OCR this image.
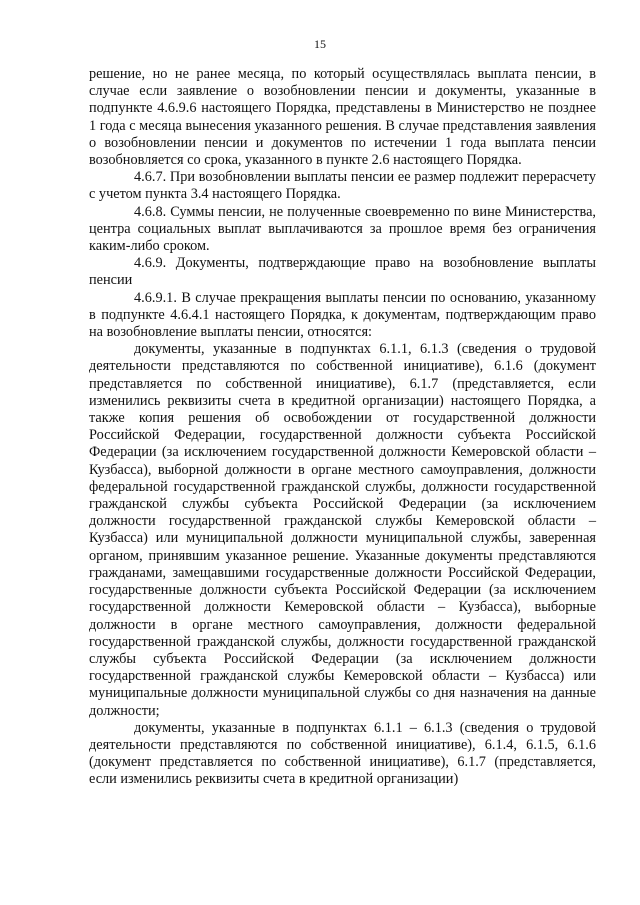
15

решение, но не ранее месяца, по который осуществлялась выплата пенсии, в случае если заявление о возобновлении пенсии и документы, указанные в подпункте 4.6.9.6 настоящего Порядка, представлены в Министерство не позднее 1 года с месяца вынесения указанного решения. В случае представления заявления о возобновлении пенсии и документов по истечении 1 года выплата пенсии возобновляется со срока, указанного в пункте 2.6 настоящего Порядка.

4.6.7. При возобновлении выплаты пенсии ее размер подлежит перерасчету с учетом пункта 3.4 настоящего Порядка.

4.6.8. Суммы пенсии, не полученные своевременно по вине Министерства, центра социальных выплат выплачиваются за прошлое время без ограничения каким-либо сроком.

4.6.9. Документы, подтверждающие право на возобновление выплаты пенсии

4.6.9.1. В случае прекращения выплаты пенсии по основанию, указанному в подпункте 4.6.4.1 настоящего Порядка, к документам, подтверждающим право на возобновление выплаты пенсии, относятся:

документы, указанные в подпунктах 6.1.1, 6.1.3 (сведения о трудовой деятельности представляются по собственной инициативе), 6.1.6 (документ представляется по собственной инициативе), 6.1.7 (представляется, если изменились реквизиты счета в кредитной организации) настоящего Порядка, а также копия решения об освобождении от государственной должности Российской Федерации, государственной должности субъекта Российской Федерации (за исключением государственной должности Кемеровской области – Кузбасса), выборной должности в органе местного самоуправления, должности федеральной государственной гражданской службы, должности государственной гражданской службы субъекта Российской Федерации (за исключением должности государственной гражданской службы Кемеровской области – Кузбасса) или муниципальной должности муниципальной службы, заверенная органом, принявшим указанное решение. Указанные документы представляются гражданами, замещавшими государственные должности Российской Федерации, государственные должности субъекта Российской Федерации (за исключением государственной должности Кемеровской области – Кузбасса), выборные должности в органе местного самоуправления, должности федеральной государственной гражданской службы, должности государственной гражданской службы субъекта Российской Федерации (за исключением должности государственной гражданской службы Кемеровской области – Кузбасса) или муниципальные должности муниципальной службы со дня назначения на данные должности;

документы, указанные в подпунктах 6.1.1 – 6.1.3 (сведения о трудовой деятельности представляются по собственной инициативе), 6.1.4, 6.1.5, 6.1.6 (документ представляется по собственной инициативе), 6.1.7 (представляется, если изменились реквизиты счета в кредитной организации)
